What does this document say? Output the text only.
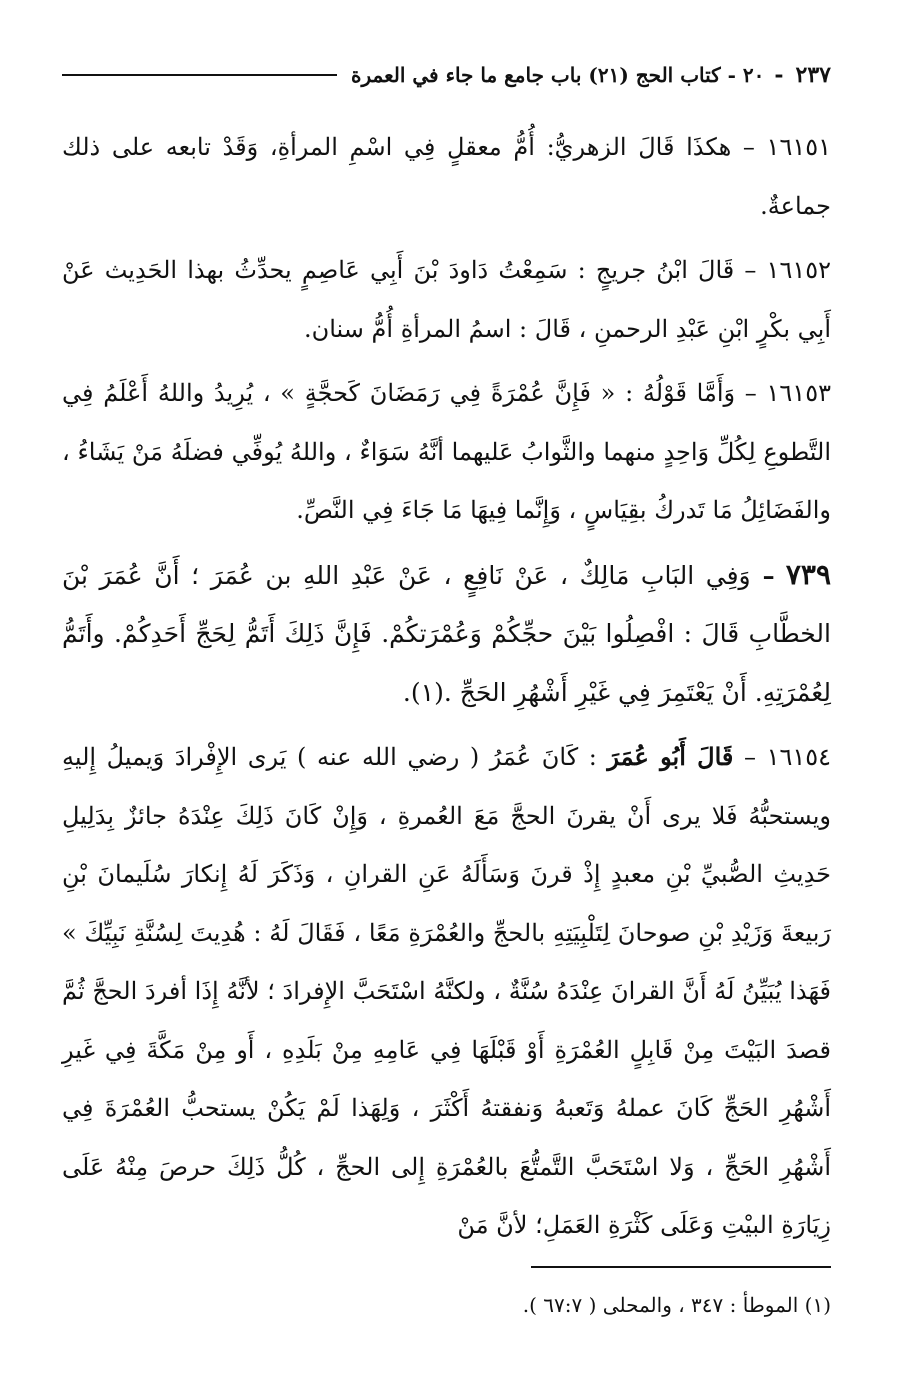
٢٣٧
-
٢٠ - كتاب الحج (٢١) باب جامع ما جاء في العمرة

١٦١٥١ – هكذَا قَالَ الزهريُّ: أُمُّ معقلٍ فِي اسْمِ المرأةِ، وَقَدْ تابعه على ذلك جماعةٌ.

١٦١٥٢ – قَالَ ابْنُ جريجٍ : سَمِعْتُ دَاودَ بْنَ أَبِي عَاصِمٍ يحدِّثُ بهذا الحَدِيث عَنْ أَبِي بكْرٍ ابْنِ عَبْدِ الرحمنِ ، قَالَ : اسمُ المرأةِ أُمُّ سنان.

١٦١٥٣ – وَأَمَّا قَوْلُهُ : « فَإِنَّ عُمْرَةً فِي رَمَضَانَ كَحجَّةٍ » ، يُرِيدُ واللهُ أَعْلَمُ فِي التَّطوعِ لِكُلِّ وَاحِدٍ منهما والثَّوابُ عَليهما أنَّهُ سَوَاءٌ ، واللهُ يُوفِّي فضلَهُ مَنْ يَشَاءُ ، والفَضَائِلُ مَا تَدركُ بقِيَاسٍ ، وَإِنَّما فِيهَا مَا جَاءَ فِي النَّصِّ.

٧٣٩ – وَفِي البَابِ مَالِكٌ ، عَنْ نَافِعٍ ، عَنْ عَبْدِ اللهِ بن عُمَرَ ؛ أَنَّ عُمَرَ بْنَ الخطَّابِ قَالَ : افْصِلُوا بَيْنَ حجِّكُمْ وَعُمْرَتكُمْ. فَإِنَّ ذَلِكَ أَتَمُّ لِحَجِّ أَحَدِكُمْ. وأَتَمُّ لِعُمْرَتِهِ. أَنْ يَعْتَمِرَ فِي غَيْرِ أَشْهُرِ الحَجِّ .(١).

١٦١٥٤ – قَالَ أَبُو عُمَرَ : كَانَ عُمَرُ ( رضي الله عنه ) يَرى الإِفْرادَ وَيميلُ إِليهِ ويستحبُّهُ فَلا يرى أَنْ يقرنَ الحجَّ مَعَ العُمرةِ ، وَإِنْ كَانَ ذَلِكَ عِنْدَهُ جائزٌ بِدَلِيلِ حَدِيثِ الصُّبيِّ بْنِ معبدٍ إِذْ قرنَ وَسَأَلَهُ عَنِ القرانِ ، وَذَكَرَ لَهُ إِنكارَ سُلَيمانَ بْنِ رَبيعةَ وَزَيْدِ بْنِ صوحانَ لِتَلْبِيَتِهِ بالحجِّ والعُمْرَةِ مَعًا ، فَقَالَ لَهُ : هُدِيتَ لِسُنَّةِ نَبِيِّكَ » فَهَذا يُبَيِّنُ لَهُ أَنَّ القرانَ عِنْدَهُ سُنَّةٌ ، ولكنَّهُ اسْتَحَبَّ الإِفرادَ ؛ لأنَّهُ إِذَا أفردَ الحجَّ ثُمَّ قصدَ البَيْتَ مِنْ قَابِلٍ العُمْرَةِ أَوْ قَبْلَهَا فِي عَامِهِ مِنْ بَلَدِهِ ، أَو مِنْ مَكَّةَ فِي غَيرِ أَشْهُرِ الحَجِّ كَانَ عملهُ وَتَعبهُ وَنفقتهُ أَكْثَرَ ، وَلِهَذا لَمْ يَكُنْ يستحبُّ العُمْرَةَ فِي أَشْهُرِ الحَجِّ ، وَلا اسْتَحَبَّ التَّمتُّعَ بالعُمْرَةِ إِلى الحجِّ ، كُلُّ ذَلِكَ حرصَ مِنْهُ عَلَى زِيَارَةِ البيْتِ وَعَلَى كَثْرَةِ العَمَلِ؛ لأنَّ مَنْ

(١) الموطأ : ٣٤٧ ، والمحلى ( ٦٧:٧ ).
